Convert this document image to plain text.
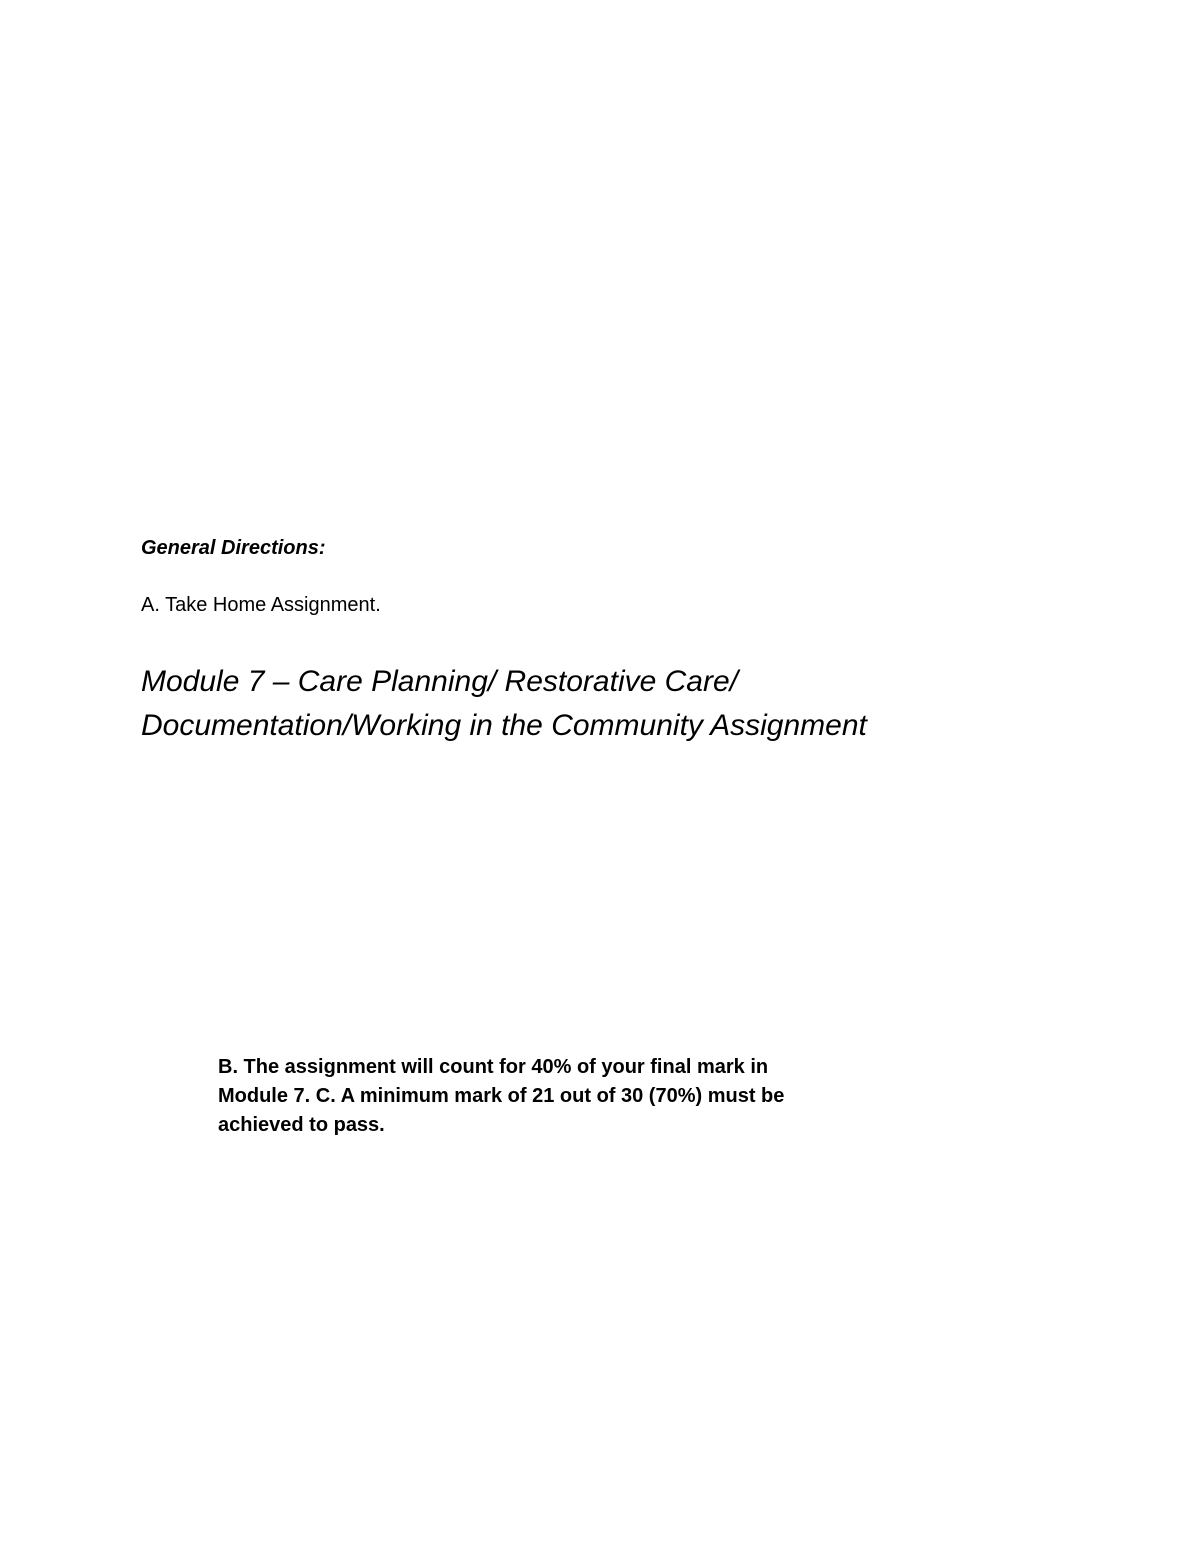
General Directions:
A. Take Home Assignment.
Module 7 – Care Planning/ Restorative Care/
Documentation/Working in the Community Assignment

B. The assignment will count for 40% of your final mark in
Module 7. C. A minimum mark of 21 out of 30 (70%) must be
achieved to pass.
